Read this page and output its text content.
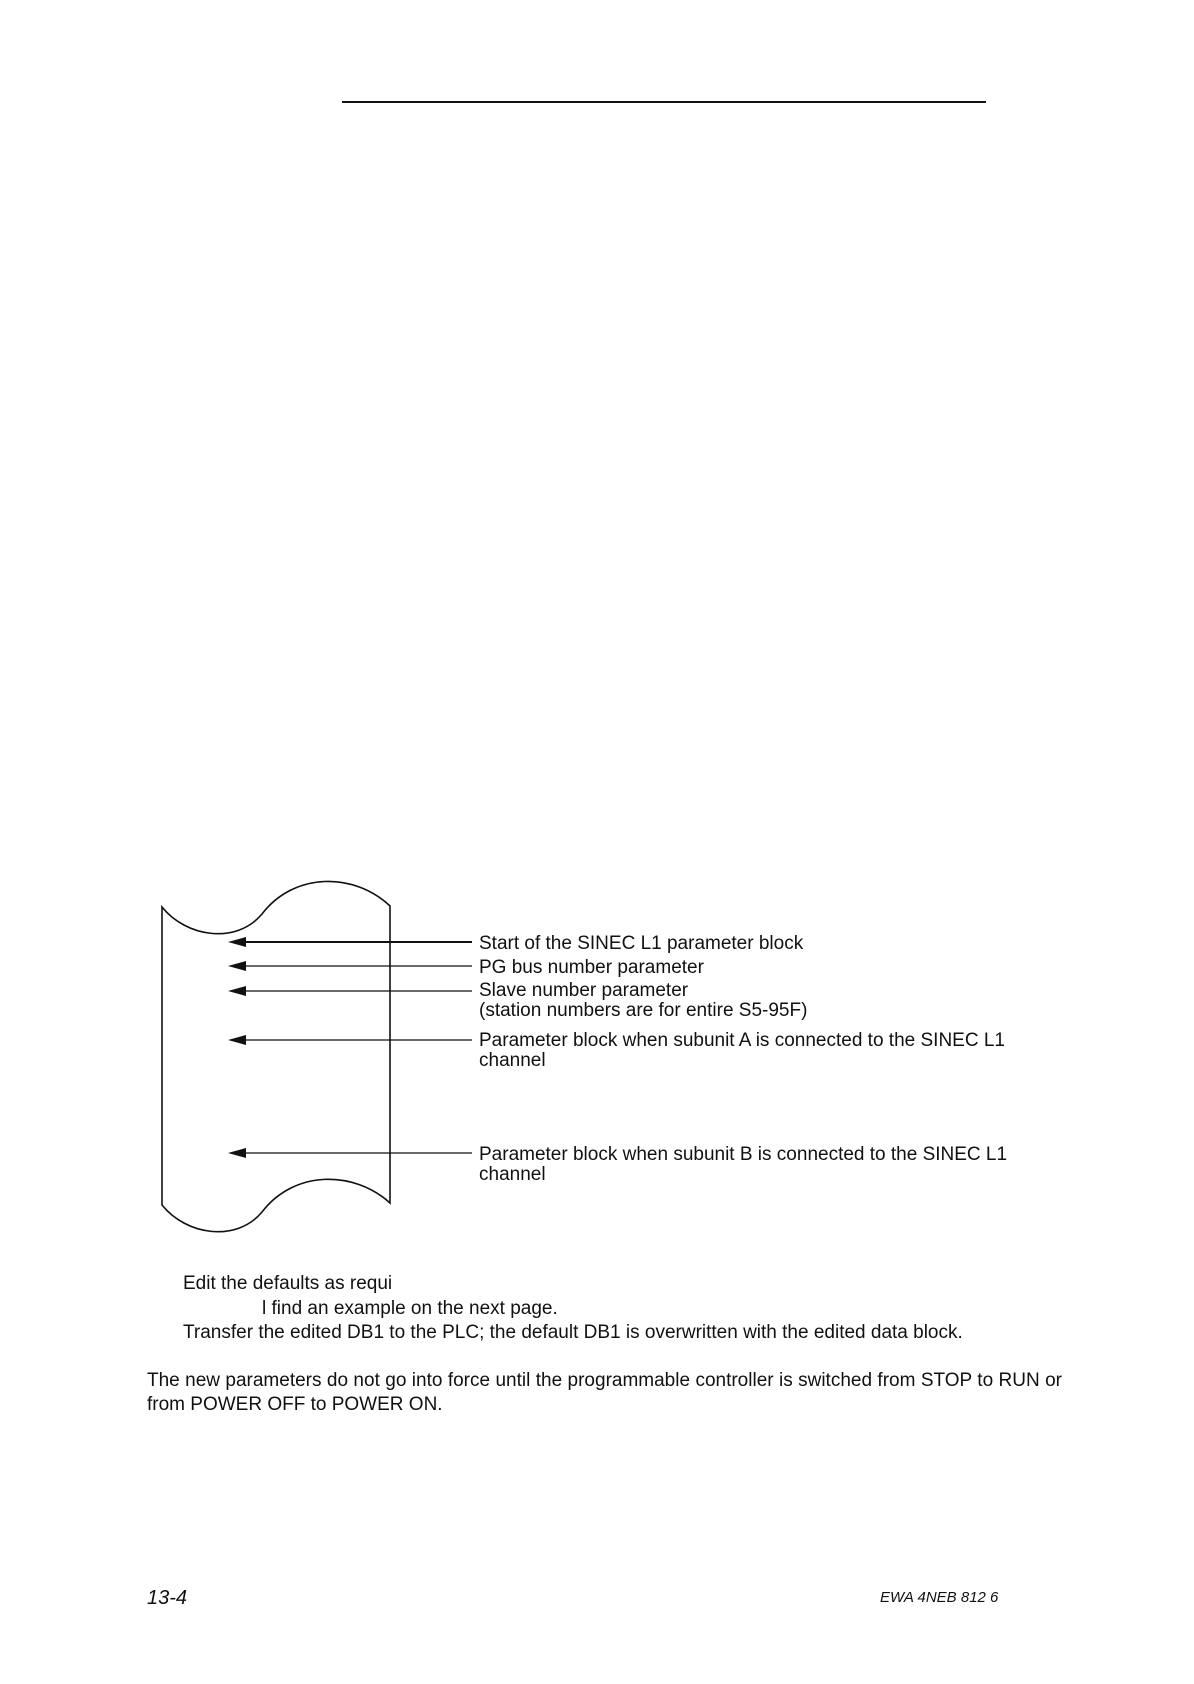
Start of the SINEC L1 parameter block
PG bus number parameter
Slave number parameter
(station numbers are for entire S5-95F)
Parameter block when subunit A is connected to the SINEC L1
channel
Parameter block when subunit B is connected to the SINEC L1
channel
Edit the defaults as requi
l find an example on the next page.
Transfer the edited DB1 to the PLC; the default DB1 is overwritten with the edited data block.
The new parameters do not go into force until the programmable controller is switched from STOP to RUN or from POWER OFF to POWER ON.
13-4	EWA 4NEB 812 6
